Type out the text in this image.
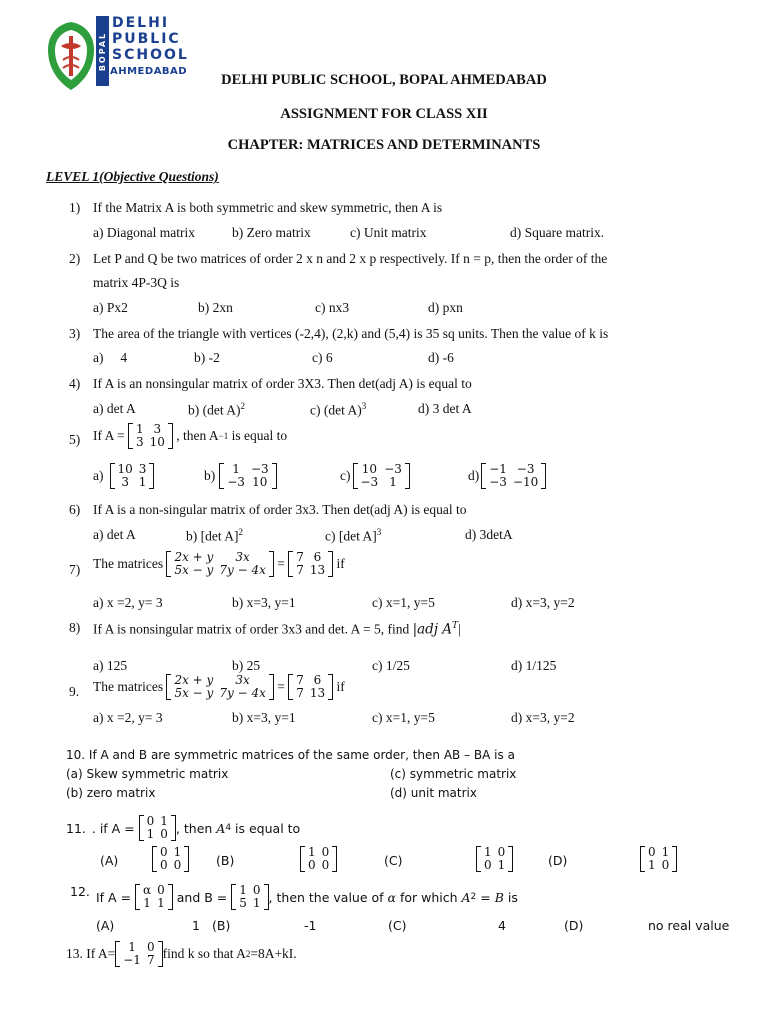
BOPAL
DELHI
PUBLIC
SCHOOL
AHMEDABAD
DELHI PUBLIC SCHOOL, BOPAL AHMEDABAD
ASSIGNMENT FOR CLASS XII
CHAPTER: MATRICES AND DETERMINANTS
LEVEL 1(Objective Questions)
1) If the Matrix A is both symmetric and skew symmetric, then A is
a) Diagonal matrix	b) Zero matrix	c) Unit matrix	d) Square matrix.
2) Let P and Q be two matrices of order 2 x n and 2 x p respectively. If n = p, then the order of the
matrix 4P-3Q is
a) Px2	b) 2xn	c) nx3	d) pxn
3) The area of the triangle with vertices (-2,4), (2,k) and (5,4) is 35 sq units. Then the value of k is
a)     4	b) -2	c) 6	d) -6
4) If A is an nonsingular matrix of order 3X3. Then det(adj A) is equal to
a) det A	b) (det A)$^2$	c) (det A)$^3$	d) 3 det A
5) If A = 1	3
3	10 , then A −1 is equal to
a) 10	3
3	1	b) 1	−3
−3	10	c) 10	−3
−3	1	d) −1	−3
−3	−10
6) If A is a non-singular matrix of order 3x3. Then det(adj A) is equal to
a) det A	b) [det A]$^2$	c) [det A]$^3$	d) 3detA
7) The matrices 2x + y	3x
5x − y	7y − 4x = 7	6
7	13 if
a) x =2, y= 3	b) x=3, y=1	c) x=1, y=5	d) x=3, y=2
8) If A is nonsingular matrix of order 3x3 and det. A = 5, find |adj $A^T|$
a) 125	b) 25	c) 1/25	d) 1/125
9. The matrices 2x + y	3x
5x − y	7y − 4x = 7	6
7	13 if
a) x =2, y= 3	b) x=3, y=1	c) x=1, y=5	d) x=3, y=2
10. If A and B are symmetric matrices of the same order, then AB – BA is a
(a) Skew symmetric matrix	(c) symmetric matrix
(b) zero matrix	(d) unit matrix
11. . if A = 0	1
1	0 , then A 4 is equal to
(A)
0	1
0	0	(B)
1	0
0	0	(C)
1	0
0	1	(D)
0	1
1	0
12. If A = α	0
1	1 and B = 1	0
5	1 , then the value of α for which A 2 = B is
(A)	1 (B)	-1	(C)	4	(D)	no real value
13. If A= 1	0
−1	7 find k so that A 2 =8A+kI.
